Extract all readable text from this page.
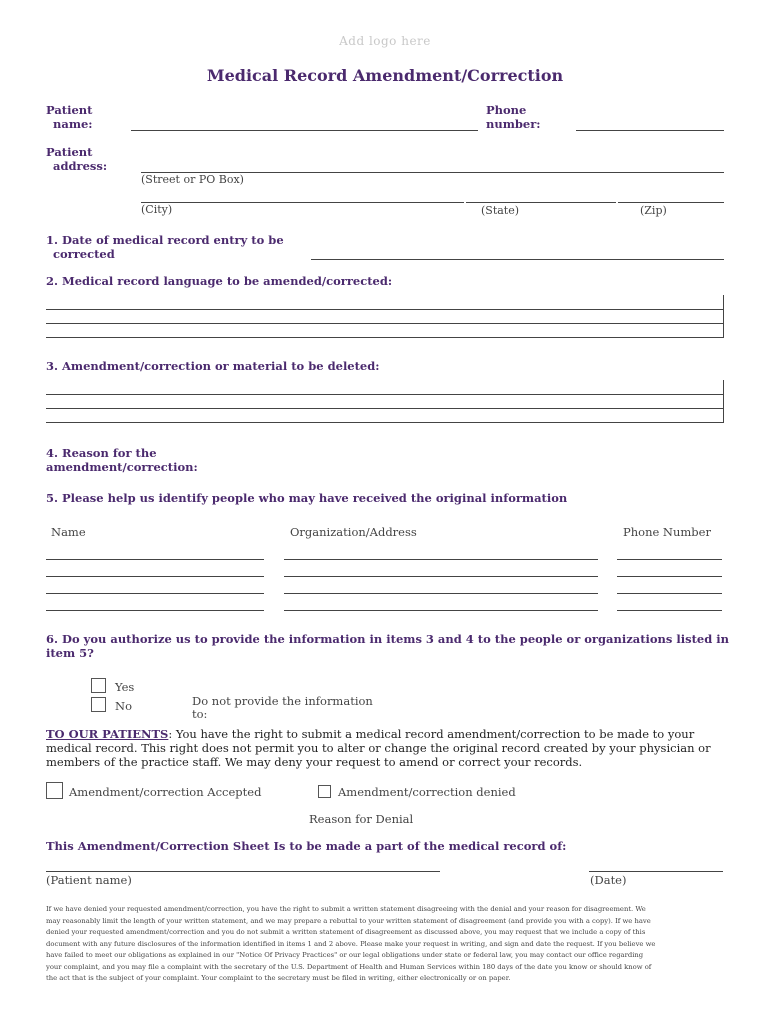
Add logo here
Medical Record Amendment/Correction
Patient
name:
Phone
number:
Patient
address:
(Street or PO Box)
(City)	(State)	(Zip)
1. Date of medical record entry to be
corrected
2. Medical record language to be amended/corrected:
3. Amendment/correction or material to be deleted:
4. Reason for the
amendment/correction:
5. Please help us identify people who may have received the original information
Name	Organization/Address	Phone Number
6. Do you authorize us to provide the information in items 3 and 4 to the people or organizations listed in
item 5?
Yes
No	Do not provide the information
to:
TO OUR PATIENTS: You have the right to submit a medical record amendment/correction to be made to your
medical record. This right does not permit you to alter or change the original record created by your physician or
members of the practice staff. We may deny your request to amend or correct your records.
Amendment/correction Accepted	Amendment/correction denied
Reason for Denial
This Amendment/Correction Sheet Is to be made a part of the medical record of:
(Patient name)	(Date)
If we have denied your requested amendment/correction, you have the right to submit a written statement disagreeing with the denial and your reason for disagreement. We
may reasonably limit the length of your written statement, and we may prepare a rebuttal to your written statement of disagreement (and provide you with a copy). If we have
denied your requested amendment/correction and you do not submit a written statement of disagreement as discussed above, you may request that we include a copy of this
document with any future disclosures of the information identified in items 1 and 2 above. Please make your request in writing, and sign and date the request. If you believe we
have failed to meet our obligations as explained in our "Notice Of Privacy Practices" or our legal obligations under state or federal law, you may contact our office regarding
your complaint, and you may file a complaint with the secretary of the U.S. Department of Health and Human Services within 180 days of the date you know or should know of
the act that is the subject of your complaint. Your complaint to the secretary must be filed in writing, either electronically or on paper.
